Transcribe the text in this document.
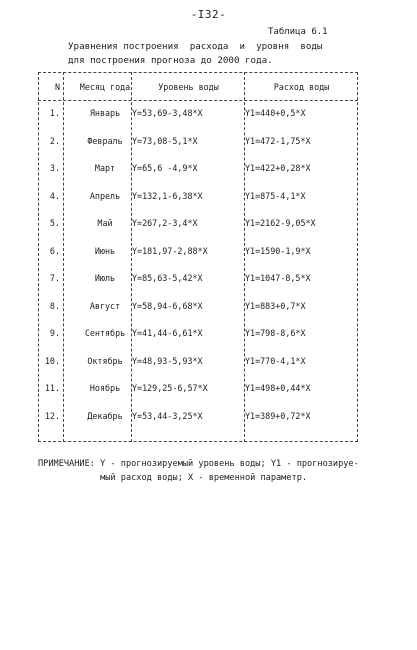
-I32-
Таблица 6.1
Уравнения построения  расхода  и  уровня  воды
для построения прогноза до 2000 года.
N	Месяц года	Уровень воды	Расход воды
1.	Январь	Y=53,69-3,48*X	Y1=440+0,5*X
2.	Февраль	Y=73,08-5,1*X	Y1=472-1,75*X
3.	Март	Y=65,6 -4,9*X	Y1=422+0,28*X
4.	Апрель	Y=132,1-6,38*X	Y1=875-4,1*X
5.	Май	Y=267,2-3,4*X	Y1=2162-9,05*X
6.	Июнь	Y=181,97-2,88*X	Y1=1590-1,9*X
7.	Июль	Y=85,63-5,42*X	Y1=1047-8,5*X
8.	Август	Y=58,94-6,68*X	Y1=883+0,7*X
9.	Сентябрь Y=41,44-6,61*X	Y1=798-8,6*X
10.	Октябрь	Y=48,93-5,93*X	Y1=770-4,1*X
11.	Ноябрь	Y=129,25-6,57*X	Y1=498+0,44*X
12.	Декабрь	Y=53,44-3,25*X	Y1=389+0,72*X
ПРИМЕЧАНИЕ: Y - прогнозируемый уровень воды; Y1 - прогнозируе-
мый расход воды; X - временной параметр.
